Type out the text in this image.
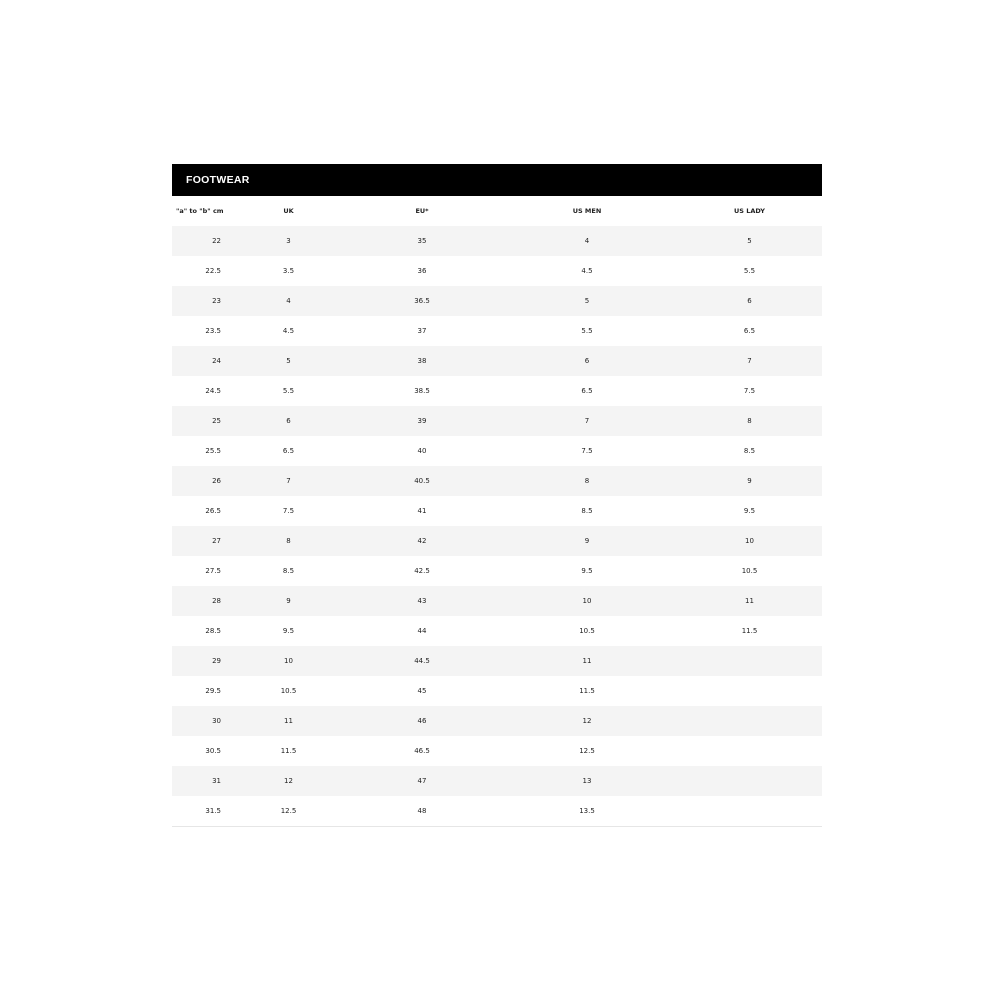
FOOTWEAR
"a" to "b" cm	UK	EU*	US MEN	US LADY
22	3	35	4	5
22.5	3.5	36	4.5	5.5
23	4	36.5	5	6
23.5	4.5	37	5.5	6.5
24	5	38	6	7
24.5	5.5	38.5	6.5	7.5
25	6	39	7	8
25.5	6.5	40	7.5	8.5
26	7	40.5	8	9
26.5	7.5	41	8.5	9.5
27	8	42	9	10
27.5	8.5	42.5	9.5	10.5
28	9	43	10	11
28.5	9.5	44	10.5	11.5
29	10	44.5	11	
29.5	10.5	45	11.5	
30	11	46	12	
30.5	11.5	46.5	12.5	
31	12	47	13	
31.5	12.5	48	13.5	
